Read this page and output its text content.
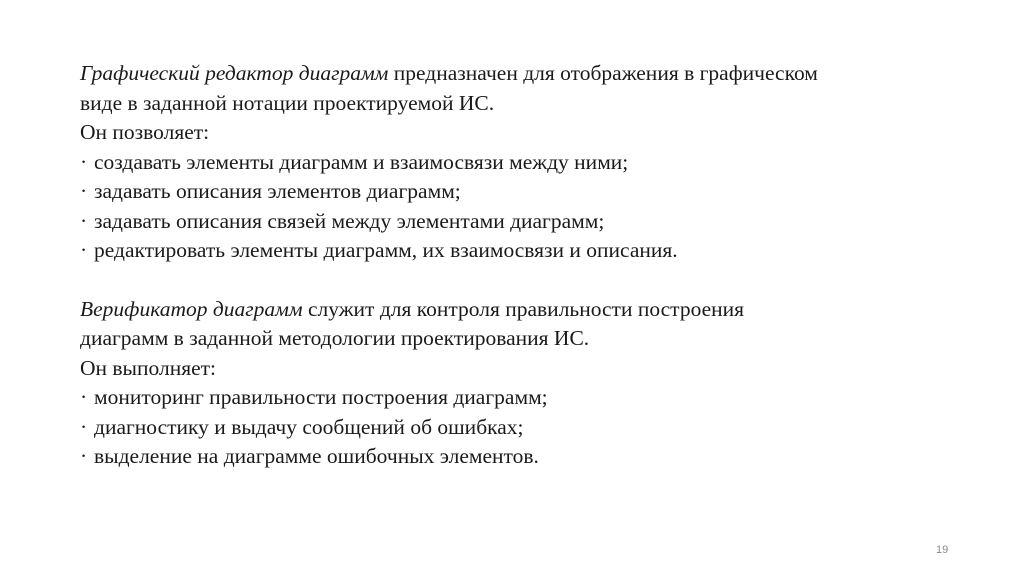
Графический редактор диаграмм предназначен для отображения в графическом

виде в заданной нотации проектируемой ИС.

Он позволяет:

· создавать элементы диаграмм и взаимосвязи между ними;

· задавать описания элементов диаграмм;

· задавать описания связей между элементами диаграмм;

· редактировать элементы диаграмм, их взаимосвязи и описания.

Верификатор диаграмм служит для контроля правильности построения

диаграмм в заданной методологии проектирования ИС.

Он выполняет:

· мониторинг правильности построения диаграмм;

· диагностику и выдачу сообщений об ошибках;

· выделение на диаграмме ошибочных элементов.

19
